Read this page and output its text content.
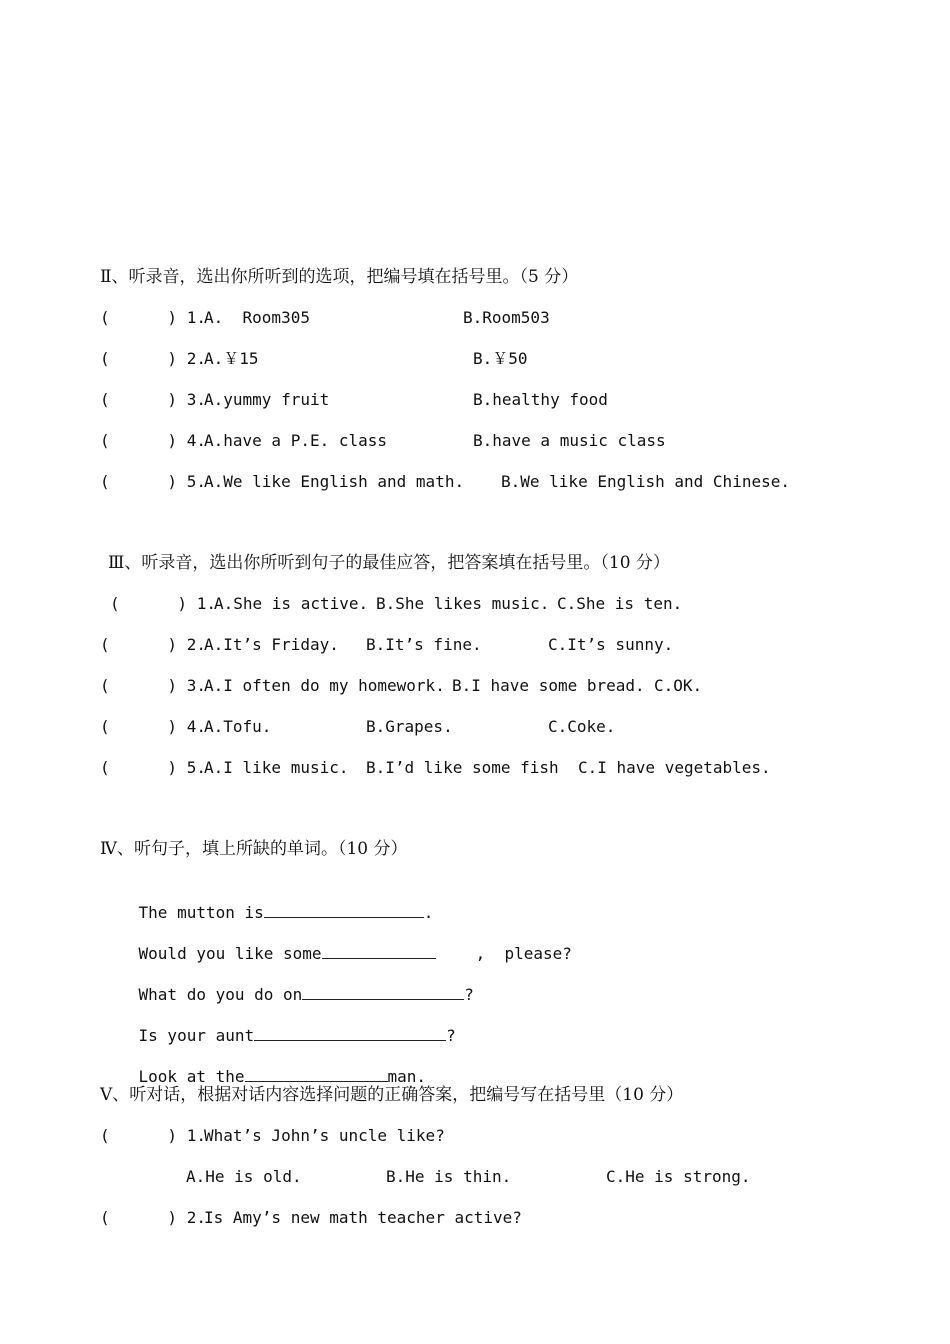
Ⅱ、听录音，选出你所听到的选项，把编号填在括号里。（5 分）
(      ) 1.
A.  Room305	B.Room503
(      ) 2.
A.￥15	B.￥50
(      ) 3.
A.yummy fruit	B.healthy food
(      ) 4.
A.have a P.E. class	B.have a music class
(      ) 5.
A.We like English and math. B.We like English and Chinese.
Ⅲ、听录音，选出你所听到句子的最佳应答，把答案填在括号里。（10 分）
(      ) 1.
A.She is active. B.She likes music. C.She is ten.
(      ) 2.
A.It’s Friday. B.It’s fine.	C.It’s sunny.
(      ) 3.
A.I often do my homework. B.I have some bread. C.OK.
(      ) 4.
A.Tofu.	B.Grapes.	C.Coke.
(      ) 5.
A.I like music. B.I’d like some fish C.I have vegetables.
Ⅳ、听句子，填上所缺的单词。（10 分）

The mutton is	.

Would you like some	,  please?

What do you do on	?

Is your aunt	?

Look at the	man.

Ⅴ、听对话，根据对话内容选择问题的正确答案，把编号写在括号里（10 分）
(      ) 1.
What’s John’s uncle like?
A.He is old.	B.He is thin.	C.He is strong.
(      ) 2.
Is Amy’s new math teacher active?
